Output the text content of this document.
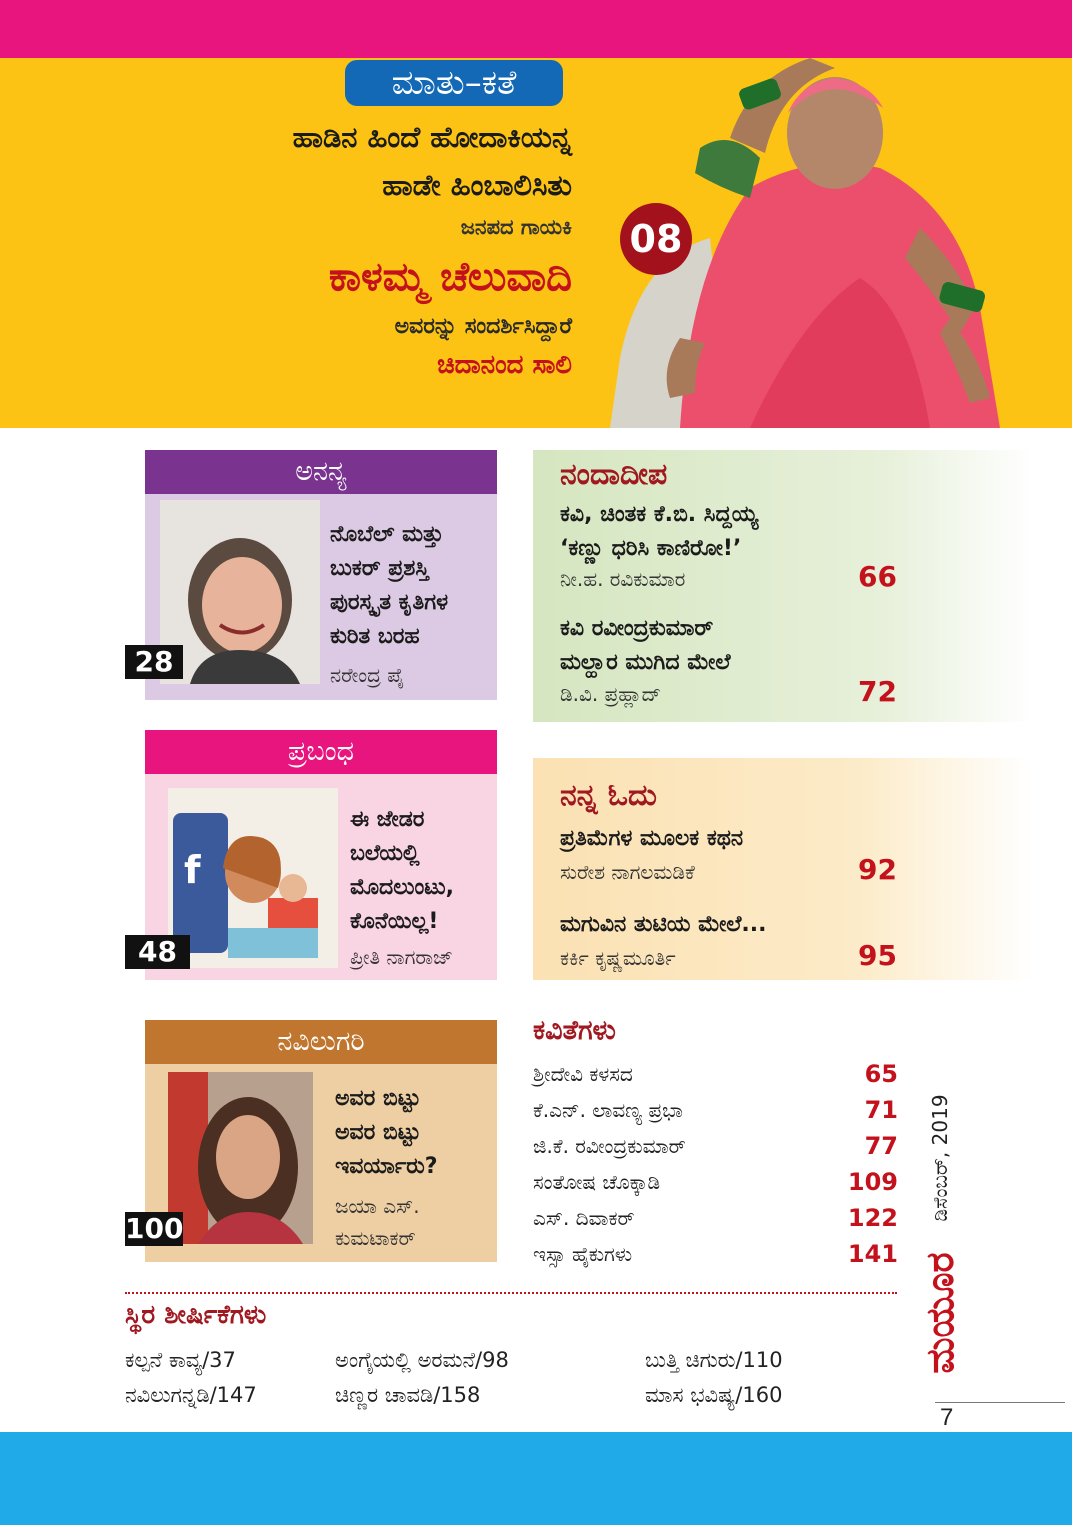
ಮಾತು–ಕತೆ
ಹಾಡಿನ ಹಿಂದೆ ಹೋದಾಕಿಯನ್ನ
ಹಾಡೇ ಹಿಂಬಾಲಿಸಿತು
ಜನಪದ ಗಾಯಕಿ
ಕಾಳಮ್ಮ ಚೆಲುವಾದಿ
ಅವರನ್ನು ಸಂದರ್ಶಿಸಿದ್ದಾರೆ
ಚಿದಾನಂದ ಸಾಲಿ
08
ಅನನ್ಯ
28
ನೊಬೆಲ್ ಮತ್ತು
ಬುಕರ್ ಪ್ರಶಸ್ತಿ
ಪುರಸ್ಕೃತ ಕೃತಿಗಳ
ಕುರಿತ ಬರಹ
ನರೇಂದ್ರ ಪೈ
ಪ್ರಬಂಧ
f
48
ಈ ಜೇಡರ
ಬಲೆಯಲ್ಲಿ
ಮೊದಲುಂಟು,
ಕೊನೆಯಿಲ್ಲ!
ಪ್ರೀತಿ ನಾಗರಾಜ್
ನವಿಲುಗರಿ
100
ಅವರ ಬಿಟ್ಟು
ಅವರ ಬಿಟ್ಟು
ಇವರ್ಯಾರು?
ಜಯಾ ಎಸ್.
ಕುಮಟಾಕರ್
ನಂದಾದೀಪ
ಕವಿ, ಚಿಂತಕ ಕೆ.ಬಿ. ಸಿದ್ದಯ್ಯ
‘ಕಣ್ಣು ಧರಿಸಿ ಕಾಣಿರೋ!’
ನೀ.ಹ. ರವಿಕುಮಾರ	66
ಕವಿ ರವೀಂದ್ರಕುಮಾರ್
ಮಲ್ಹಾರ ಮುಗಿದ ಮೇಲೆ
ಡಿ.ವಿ. ಪ್ರಹ್ಲಾದ್	72
ನನ್ನ ಓದು
ಪ್ರತಿಮೆಗಳ ಮೂಲಕ ಕಥನ
ಸುರೇಶ ನಾಗಲಮಡಿಕೆ	92
ಮಗುವಿನ ತುಟಿಯ ಮೇಲೆ...
ಕರ್ಕಿ ಕೃಷ್ಣಮೂರ್ತಿ	95
ಕವಿತೆಗಳು
ಶ್ರೀದೇವಿ ಕಳಸದ	65
ಕೆ.ಎನ್. ಲಾವಣ್ಯ ಪ್ರಭಾ	71
ಜಿ.ಕೆ. ರವೀಂದ್ರಕುಮಾರ್	77
ಸಂತೋಷ ಚೊಕ್ಕಾಡಿ	109
ಎಸ್. ದಿವಾಕರ್	122
ಇಸ್ಸಾ ಹೈಕುಗಳು	141
ಡಿಸೆಂಬರ್, 2019
ಮಯೂರ
ಸ್ಥಿರ ಶೀರ್ಷಿಕೆಗಳು
ಕಲ್ಪನೆ ಕಾವ್ಯ/37	ಅಂಗೈಯಲ್ಲಿ ಅರಮನೆ/98	ಬುತ್ತಿ ಚಿಗುರು/110
ನವಿಲುಗನ್ನಡಿ/147	ಚಿಣ್ಣರ ಚಾವಡಿ/158	ಮಾಸ ಭವಿಷ್ಯ/160
7
